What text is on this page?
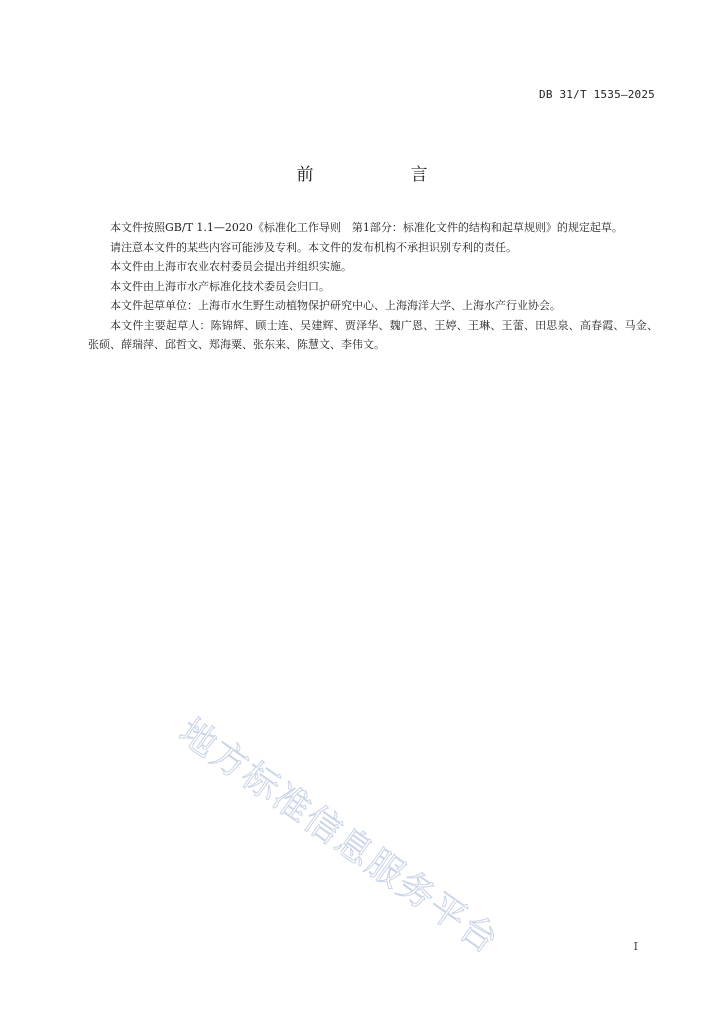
DB 31/T 1535—2025
前　言

本文件按照GB/T 1.1—2020《标准化工作导则　第1部分：标准化文件的结构和起草规则》的规定起草。

请注意本文件的某些内容可能涉及专利。本文件的发布机构不承担识别专利的责任。

本文件由上海市农业农村委员会提出并组织实施。

本文件由上海市水产标准化技术委员会归口。

本文件起草单位：上海市水生野生动植物保护研究中心、上海海洋大学、上海水产行业协会。

本文件主要起草人：陈锦辉、顾士连、吴建辉、贾泽华、魏广恩、王婷、王琳、王蕾、田思泉、高春霞、马金、张硕、薛瑞萍、邱哲文、郑海粟、张东来、陈慧文、李伟文。

地方标准信息服务平台	I
